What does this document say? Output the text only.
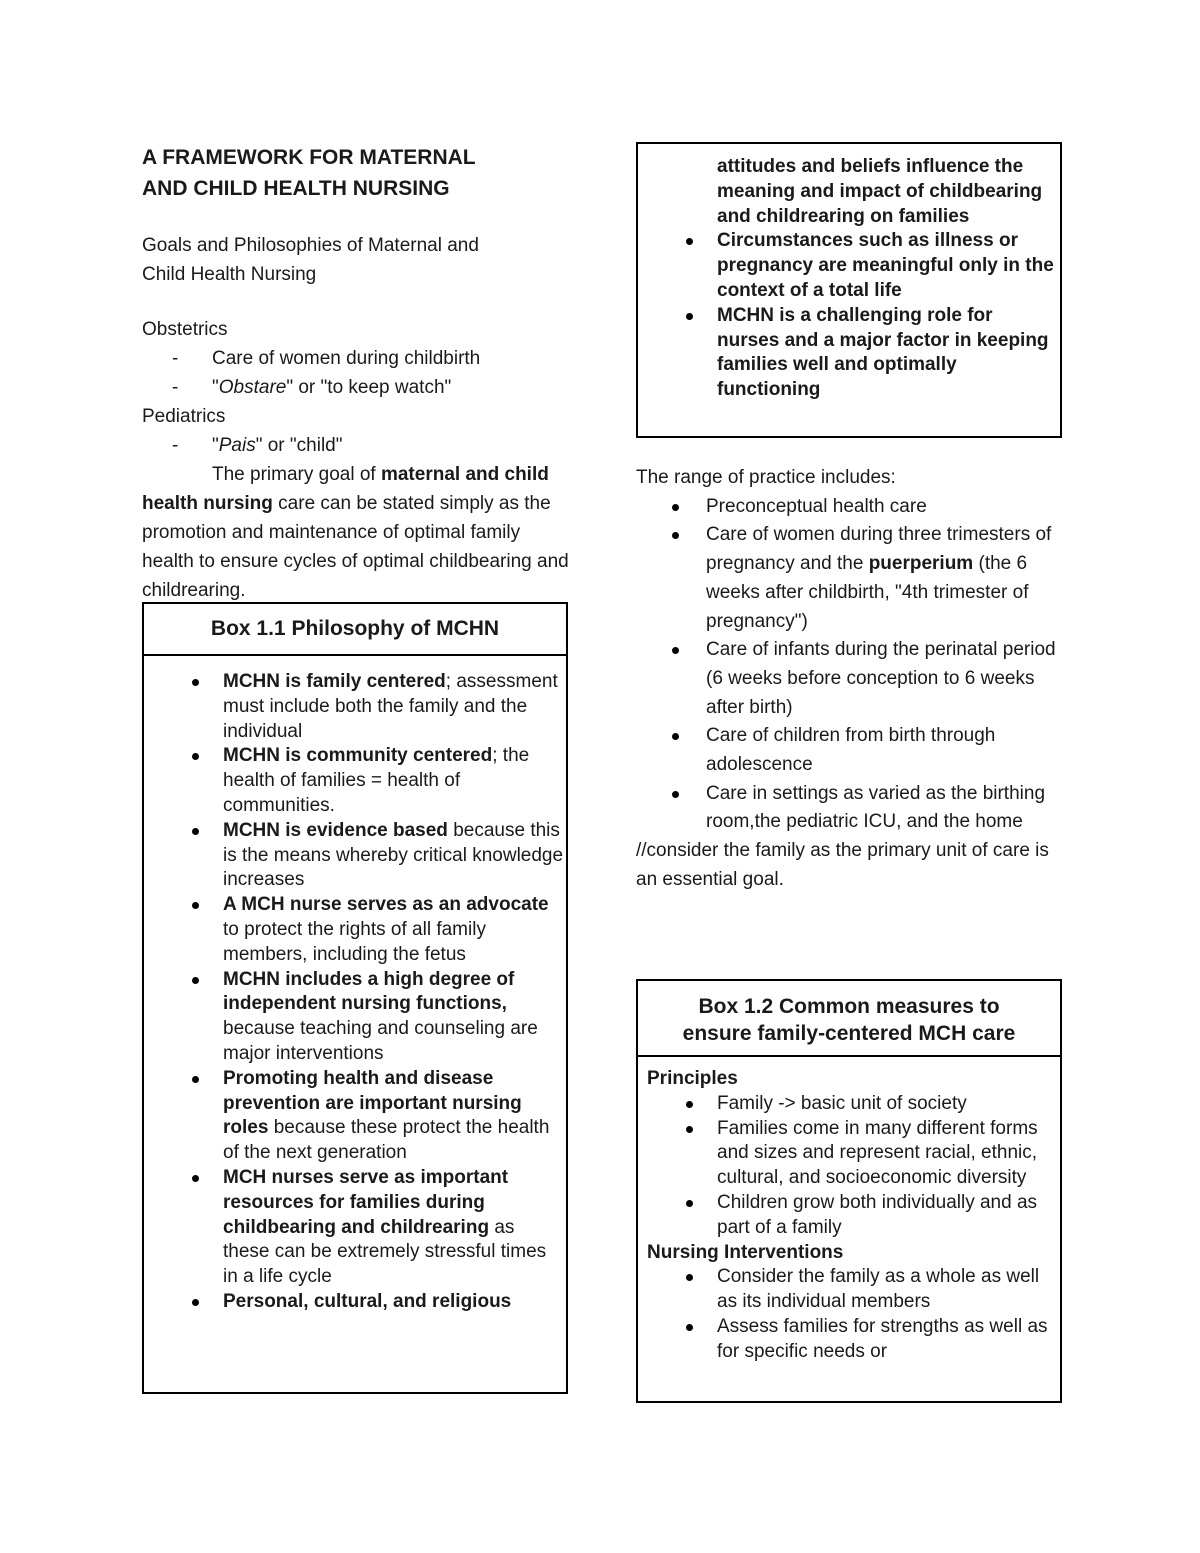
A FRAMEWORK FOR MATERNAL
AND CHILD HEALTH NURSING
Goals and Philosophies of Maternal and
Child Health Nursing
Obstetrics
- Care of women during childbirth
- "Obstare" or "to keep watch"
Pediatrics
- "Pais" or "child"
The primary goal of maternal and child health nursing care can be stated simply as the promotion and maintenance of optimal family health to ensure cycles of optimal childbearing and childrearing.
Box 1.1 Philosophy of MCHN
MCHN is family centered; assessment must include both the family and the individual
MCHN is community centered; the health of families = health of communities.
MCHN is evidence based because this is the means whereby critical knowledge increases
A MCH nurse serves as an advocate to protect the rights of all family members, including the fetus
MCHN includes a high degree of independent nursing functions, because teaching and counseling are major interventions
Promoting health and disease prevention are important nursing roles because these protect the health of the next generation
MCH nurses serve as important resources for families during childbearing and childrearing as these can be extremely stressful times in a life cycle
Personal, cultural, and religious
attitudes and beliefs influence the meaning and impact of childbearing and childrearing on families
Circumstances such as illness or pregnancy are meaningful only in the context of a total life
MCHN is a challenging role for nurses and a major factor in keeping families well and optimally functioning
The range of practice includes:
Preconceptual health care
Care of women during three trimesters of pregnancy and the puerperium (the 6 weeks after childbirth, "4th trimester of pregnancy")
Care of infants during the perinatal period (6 weeks before conception to 6 weeks after birth)
Care of children from birth through adolescence
Care in settings as varied as the birthing room,the pediatric ICU, and the home
//consider the family as the primary unit of care is an essential goal.
Box 1.2 Common measures to
ensure family-centered MCH care
Principles
Family -> basic unit of society
Families come in many different forms and sizes and represent racial, ethnic, cultural, and socioeconomic diversity
Children grow both individually and as part of a family
Nursing Interventions
Consider the family as a whole as well as its individual members
Assess families for strengths as well as for specific needs or
